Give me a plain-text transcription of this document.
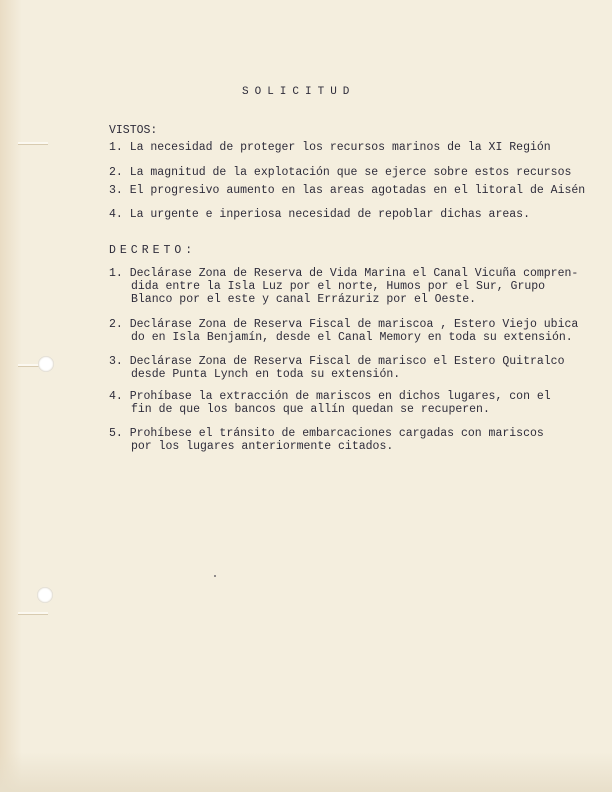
SOLICITUD
VISTOS:
1. La necesidad de proteger los recursos marinos de la XI Región
2. La magnitud de la explotación que se ejerce sobre estos recursos
3. El progresivo aumento en las areas agotadas en el litoral de Aisén
4. La urgente e inperiosa necesidad de repoblar dichas areas.
DECRETO:
1. Declárase Zona de Reserva de Vida Marina el Canal Vicuña compren-
dida entre la Isla Luz por el norte, Humos por el Sur, Grupo
Blanco por el este y canal Errázuriz por el Oeste.
2. Declárase Zona de Reserva Fiscal de mariscoa , Estero Viejo ubica
do en Isla Benjamín, desde el Canal Memory en toda su extensión.
3. Declárase Zona de Reserva Fiscal de marisco el Estero Quitralco
desde Punta Lynch en toda su extensión.
4. Prohíbase la extracción de mariscos en dichos lugares, con el
fin de que los bancos que allín quedan se recuperen.
5. Prohíbese el tránsito de embarcaciones cargadas con mariscos
por los lugares anteriormente citados.
